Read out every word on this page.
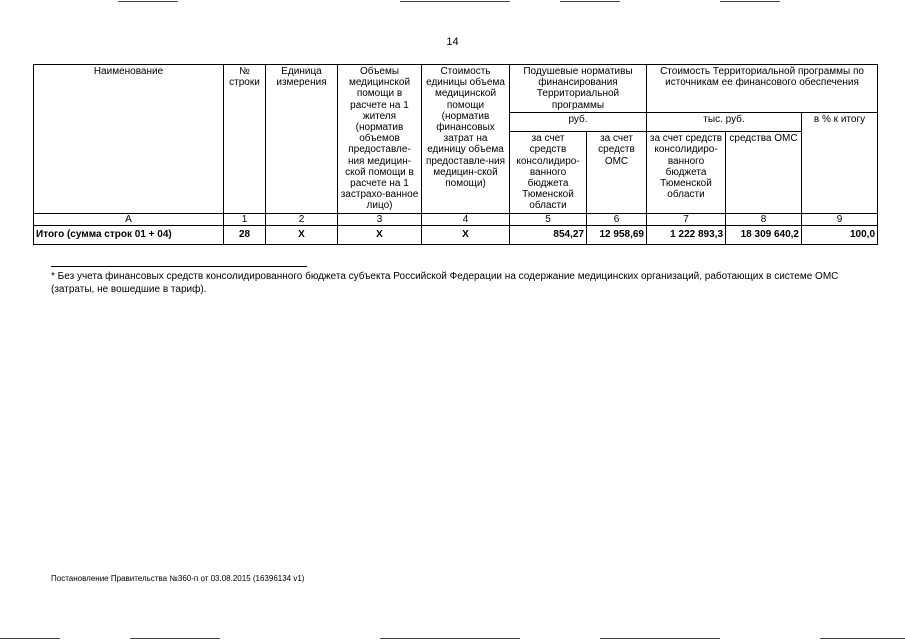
14
Наименование	№ строки	Единица измерения	Объемы медицинской помощи в расчете на 1 жителя (норматив объемов предоставле-ния медицин-ской помощи в расчете на 1 застрахо-ванное лицо)	Стоимость единицы объема медицинской помощи (норматив финансовых затрат на единицу объема предоставле-ния медицин-ской помощи)	Подушевые нормативы финансирования Территориальной программы		Стоимость Территориальной программы по источникам ее финансового обеспечения		
					руб.		тыс. руб.		в % к итогу
					за счет средств консолидиро-ванного бюджета Тюменской области	за счет средств ОМС	за счет средств консолидиро-ванного бюджета Тюменской области	средства ОМС	
А	1	2	3	4	5	6	7	8	9
Итого (сумма строк 01 + 04)	28	X	X	X	854,27	12 958,69	1 222 893,3	18 309 640,2	100,0
* Без учета финансовых средств консолидированного бюджета субъекта Российской Федерации на содержание медицинских организаций, работающих в системе ОМС (затраты, не вошедшие в тариф).
Постановление Правительства №360-п от 03.08.2015 (16396134 v1)
